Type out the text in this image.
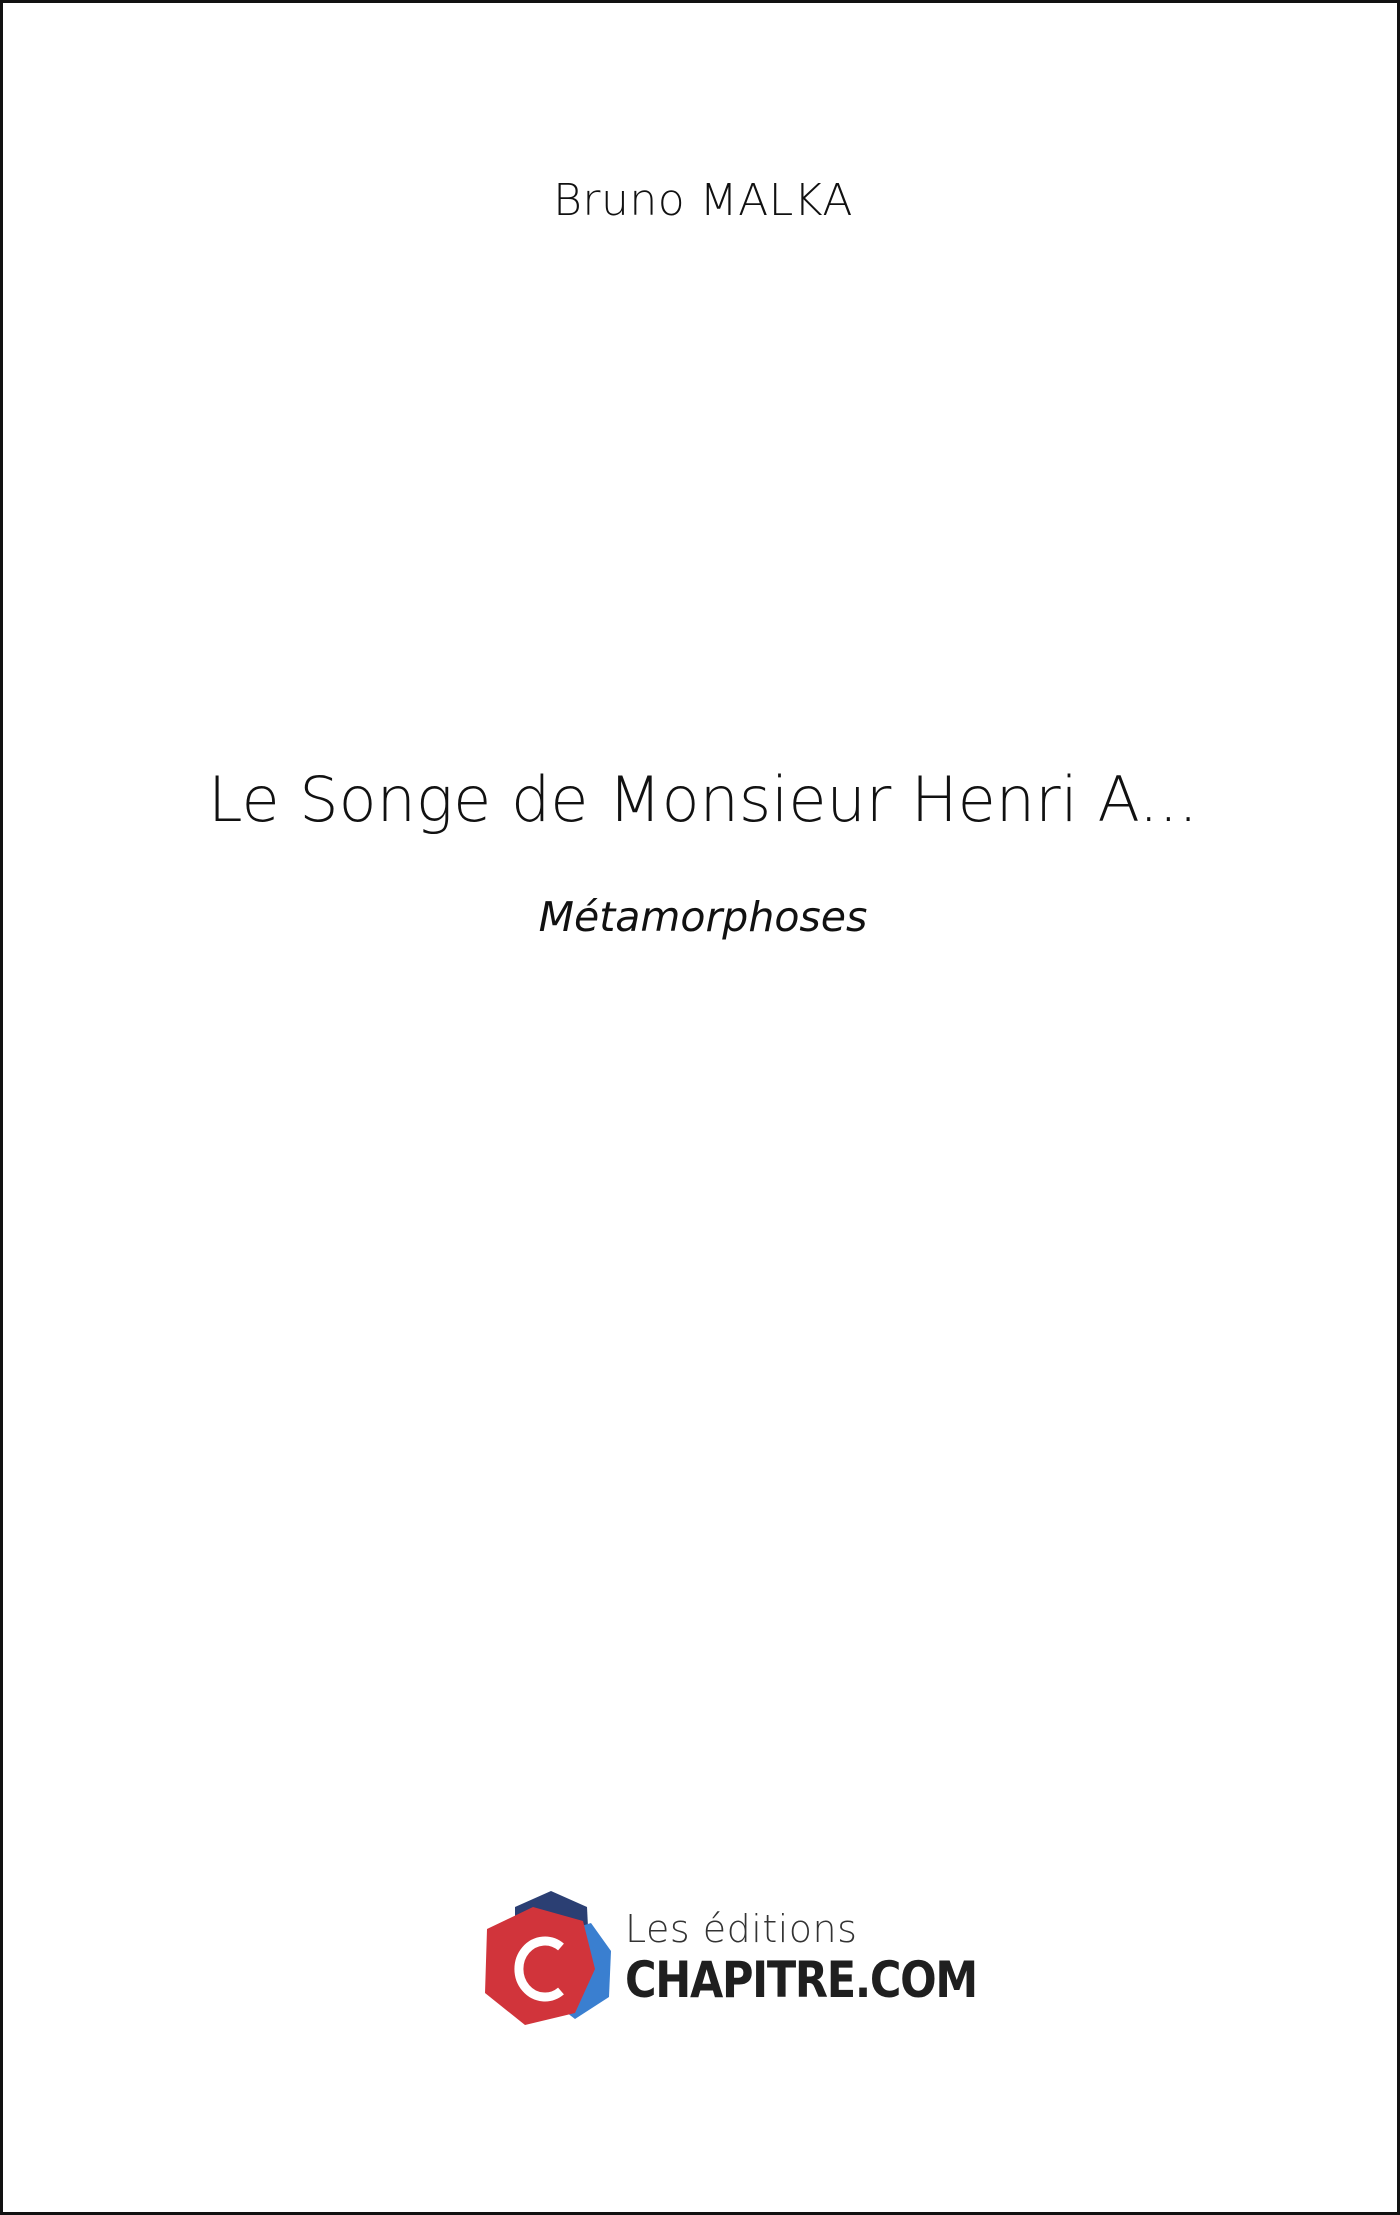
Bruno MALKA
Le Songe de Monsieur Henri A...
Métamorphoses
Les éditions
CHAPITRE.COM
